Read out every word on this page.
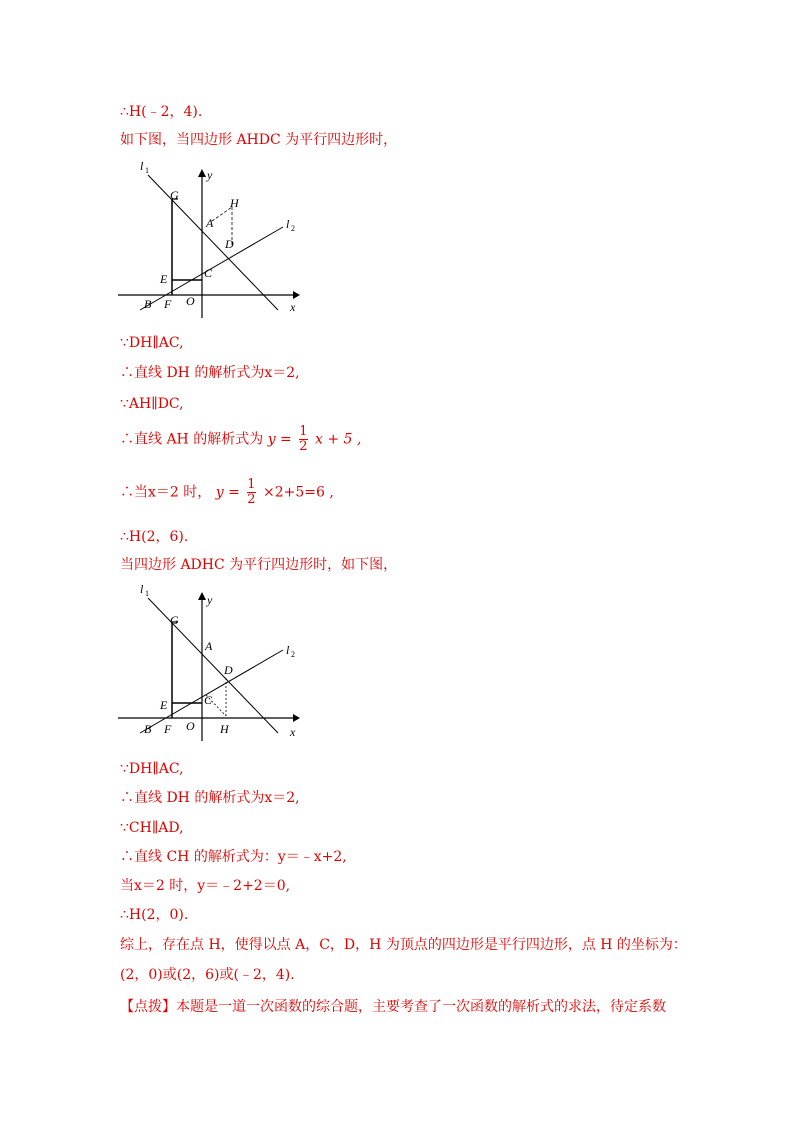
∴H(﹣2，4).
如下图，当四边形 AHDC 为平行四边形时，
l 1	y
G
H
A
D
l 2
C
E
B F O	x
∵DH∥AC,
∴直线 DH 的解析式为x＝2,
∵AH∥DC,
∴直线 AH 的解析式为 $y = \frac{1}{2}$ x + 5 ,
∴当x＝2 时， $y = \frac{1}{2} \times 2+5=6$ ,
∴H(2，6).
当四边形 ADHC 为平行四边形时，如下图，
l 1	y
G
A
D
l 2
C
E
B F O H	x
∵DH∥AC,
∴直线 DH 的解析式为x＝2,
∵CH∥AD,
∴直线 CH 的解析式为：y＝﹣x+2,
当x＝2 时，y＝﹣2+2＝0,
∴H(2，0).
综上，存在点 H，使得以点 A，C，D，H 为顶点的四边形是平行四边形，点 H 的坐标为：
(2，0)或(2，6)或(﹣2，4).
【点拨】本题是一道一次函数的综合题，主要考查了一次函数的解析式的求法，待定系数
